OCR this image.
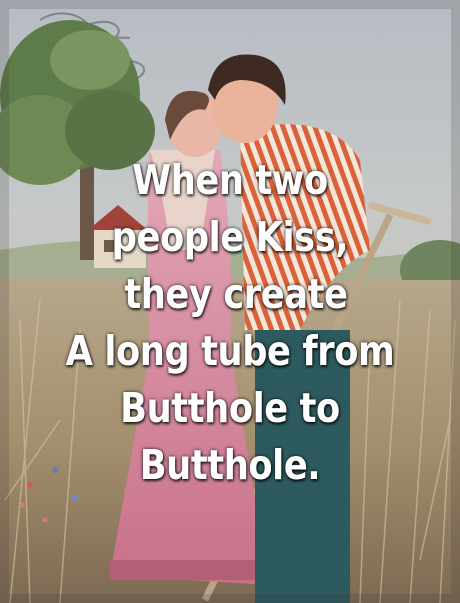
When two
people Kiss,
they create
A long tube from
Butthole to
Butthole.
